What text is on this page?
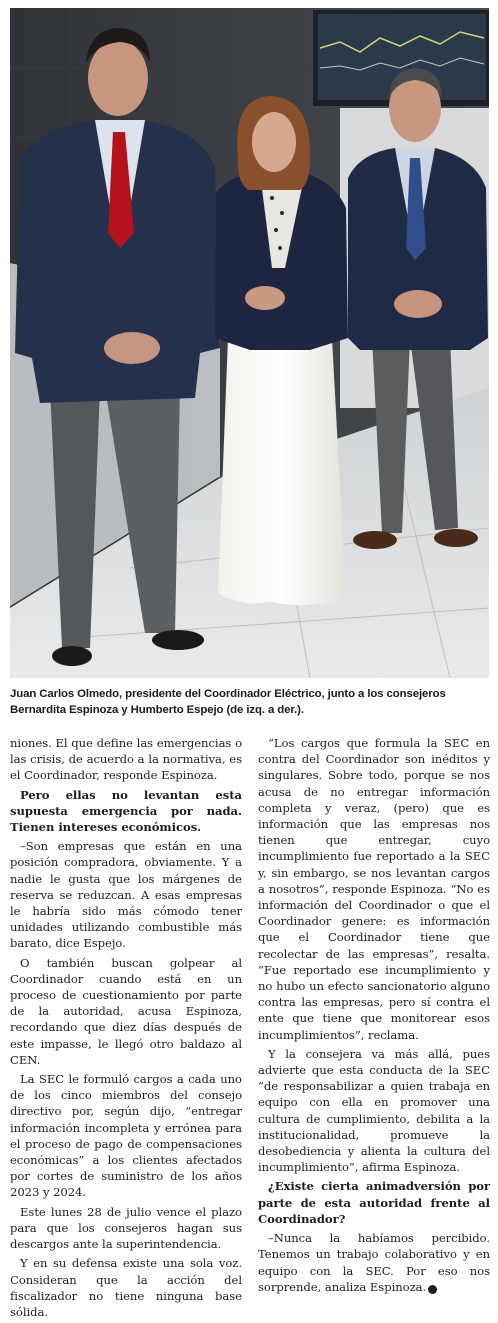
Juan Carlos Olmedo, presidente del Coordinador Eléctrico, junto a los consejeros Bernardita Espinoza y Humberto Espejo (de izq. a der.).

niones. El que define las emergencias o las crisis, de acuerdo a la normativa, es el Coordinador, responde Espinoza.

Pero ellas no levantan esta supuesta emergencia por nada. Tienen intereses económicos.

–Son empresas que están en una posición compradora, obviamente. Y a nadie le gusta que los márgenes de reserva se reduzcan. A esas empresas le habría sido más cómodo tener unidades utilizando combustible más barato, dice Espejo.

O también buscan golpear al Coordinador cuando está en un proceso de cuestionamiento por parte de la autoridad, acusa Espinoza, recordando que diez días después de este impasse, le llegó otro baldazo al CEN.

La SEC le formuló cargos a cada uno de los cinco miembros del consejo directivo por, según dijo, “entregar información incompleta y errónea para el proceso de pago de compensaciones económicas” a los clientes afectados por cortes de suministro de los años 2023 y 2024.

Este lunes 28 de julio vence el plazo para que los consejeros hagan sus descargos ante la superintendencia.

Y en su defensa existe una sola voz. Consideran que la acción del fiscalizador no tiene ninguna base sólida.

“Los cargos que formula la SEC en contra del Coordinador son inéditos y singulares. Sobre todo, porque se nos acusa de no entregar información completa y veraz, (pero) que es información que las empresas nos tienen que entregar, cuyo incumplimiento fue reportado a la SEC y, sin embargo, se nos levantan cargos a nosotros”, responde Espinoza. “No es información del Coordinador o que el Coordinador genere: es información que el Coordinador tiene que recolectar de las empresas”, resalta. “Fue reportado ese incumplimiento y no hubo un efecto sancionatorio alguno contra las empresas, pero sí contra el ente que tiene que monitorear esos incumplimientos”, reclama.

Y la consejera va más allá, pues advierte que esta conducta de la SEC “de responsabilizar a quien trabaja en equipo con ella en promover una cultura de cumplimiento, debilita a la institucionalidad, promueve la desobediencia y alienta la cultura del incumplimiento”, afirma Espinoza.

¿Existe cierta animadversión por parte de esta autoridad frente al Coordinador?

–Nunca la habíamos percibido. Tenemos un trabajo colaborativo y en equipo con la SEC. Por eso nos sorprende, analiza Espinoza. ●
